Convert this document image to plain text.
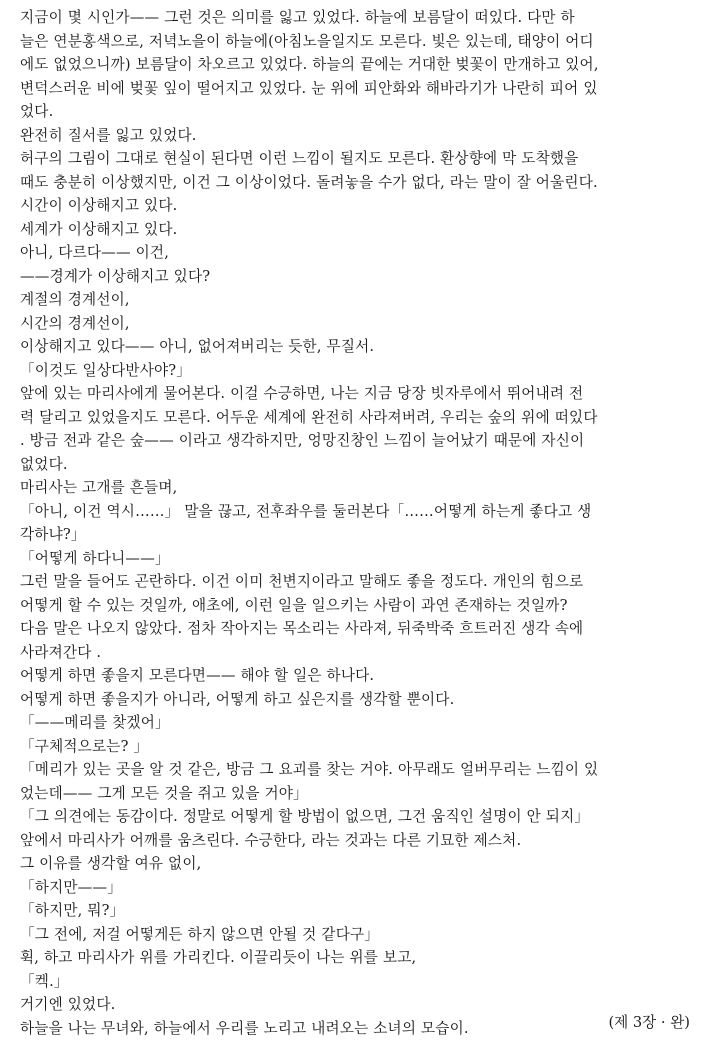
지금이 몇 시인가—— 그런 것은 의미를 잃고 있었다. 하늘에 보름달이 떠있다. 다만 하
늘은 연분홍색으로, 저녁노을이 하늘에(아침노을일지도 모른다. 빛은 있는데, 태양이 어디
에도 없었으니까) 보름달이 차오르고 있었다. 하늘의 끝에는 거대한 벚꽃이 만개하고 있어,
변덕스러운 비에 벚꽃 잎이 떨어지고 있었다. 눈 위에 피안화와 해바라기가 나란히 피어 있
었다.
완전히 질서를 잃고 있었다.
허구의 그림이 그대로 현실이 된다면 이런 느낌이 될지도 모른다. 환상향에 막 도착했을
때도 충분히 이상했지만, 이건 그 이상이었다. 돌려놓을 수가 없다, 라는 말이 잘 어울린다.
시간이 이상해지고 있다.
세계가 이상해지고 있다.
아니, 다르다—— 이건,
——경계가 이상해지고 있다?
계절의 경계선이,
시간의 경계선이,
이상해지고 있다—— 아니, 없어져버리는 듯한, 무질서.
「이것도 일상다반사야?」
앞에 있는 마리사에게 물어본다. 이걸 수긍하면, 나는 지금 당장 빗자루에서 뛰어내려 전
력 달리고 있었을지도 모른다. 어두운 세계에 완전히 사라져버려, 우리는 숲의 위에 떠있다
. 방금 전과 같은 숲—— 이라고 생각하지만, 엉망진창인 느낌이 늘어났기 때문에 자신이
없었다.
마리사는 고개를 흔들며,
「아니, 이건 역시……」 말을 끊고, 전후좌우를 둘러본다「……어떻게 하는게 좋다고 생
각하냐?」
「어떻게 하다니——」
그런 말을 들어도 곤란하다. 이건 이미 천변지이라고 말해도 좋을 정도다. 개인의 힘으로
어떻게 할 수 있는 것일까, 애초에, 이런 일을 일으키는 사람이 과연 존재하는 것일까?
다음 말은 나오지 않았다. 점차 작아지는 목소리는 사라져, 뒤죽박죽 흐트러진 생각 속에
사라져간다 .
어떻게 하면 좋을지 모른다면—— 해야 할 일은 하나다.
어떻게 하면 좋을지가 아니라, 어떻게 하고 싶은지를 생각할 뿐이다.
「——메리를 찾겠어」
「구체적으로는? 」
「메리가 있는 곳을 알 것 같은, 방금 그 요괴를 찾는 거야. 아무래도 얼버무리는 느낌이 있
었는데—— 그게 모든 것을 쥐고 있을 거야」
「그 의견에는 동감이다. 정말로 어떻게 할 방법이 없으면, 그건 움직인 설명이 안 되지」
앞에서 마리사가 어깨를 움츠린다. 수긍한다, 라는 것과는 다른 기묘한 제스처.
그 이유를 생각할 여유 없이,
「하지만——」
「하지만, 뭐?」
「그 전에, 저걸 어떻게든 하지 않으면 안될 것 같다구」
휙, 하고 마리사가 위를 가리킨다. 이끌리듯이 나는 위를 보고,
「켁.」
거기엔 있었다.
하늘을 나는 무녀와, 하늘에서 우리를 노리고 내려오는 소녀의 모습이.	(제 3장 · 완)
